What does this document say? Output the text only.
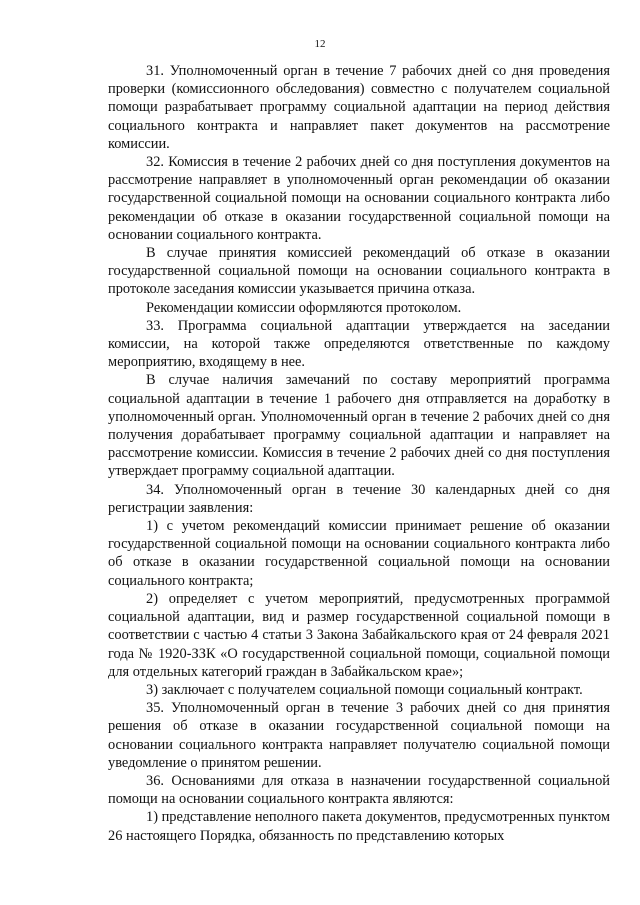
12

31. Уполномоченный орган в течение 7 рабочих дней со дня проведения проверки (комиссионного обследования) совместно с получателем социальной помощи разрабатывает программу социальной адаптации на период действия социального контракта и направляет пакет документов на рассмотрение комиссии.

32. Комиссия в течение 2 рабочих дней со дня поступления документов на рассмотрение направляет в уполномоченный орган рекомендации об оказании государственной социальной помощи на основании социального контракта либо рекомендации об отказе в оказании государственной социальной помощи на основании социального контракта.

В случае принятия комиссией рекомендаций об отказе в оказании государственной социальной помощи на основании социального контракта в протоколе заседания комиссии указывается причина отказа.

Рекомендации комиссии оформляются протоколом.

33. Программа социальной адаптации утверждается на заседании комиссии, на которой также определяются ответственные по каждому мероприятию, входящему в нее.

В случае наличия замечаний по составу мероприятий программа социальной адаптации в течение 1 рабочего дня отправляется на доработку в уполномоченный орган. Уполномоченный орган в течение 2 рабочих дней со дня получения дорабатывает программу социальной адаптации и направляет на рассмотрение комиссии. Комиссия в течение 2 рабочих дней со дня поступления утверждает программу социальной адаптации.

34. Уполномоченный орган в течение 30 календарных дней со дня регистрации заявления:

1) с учетом рекомендаций комиссии принимает решение об оказании государственной социальной помощи на основании социального контракта либо об отказе в оказании государственной социальной помощи на основании социального контракта;

2) определяет с учетом мероприятий, предусмотренных программой социальной адаптации, вид и размер государственной социальной помощи в соответствии с частью 4 статьи 3 Закона Забайкальского края от 24 февраля 2021 года № 1920-ЗЗК «О государственной социальной помощи, социальной помощи для отдельных категорий граждан в Забайкальском крае»;

3) заключает с получателем социальной помощи социальный контракт.

35. Уполномоченный орган в течение 3 рабочих дней со дня принятия решения об отказе в оказании государственной социальной помощи на основании социального контракта направляет получателю социальной помощи уведомление о принятом решении.

36. Основаниями для отказа в назначении государственной социальной помощи на основании социального контракта являются:

1) представление неполного пакета документов, предусмотренных пунктом 26 настоящего Порядка, обязанность по представлению которых
